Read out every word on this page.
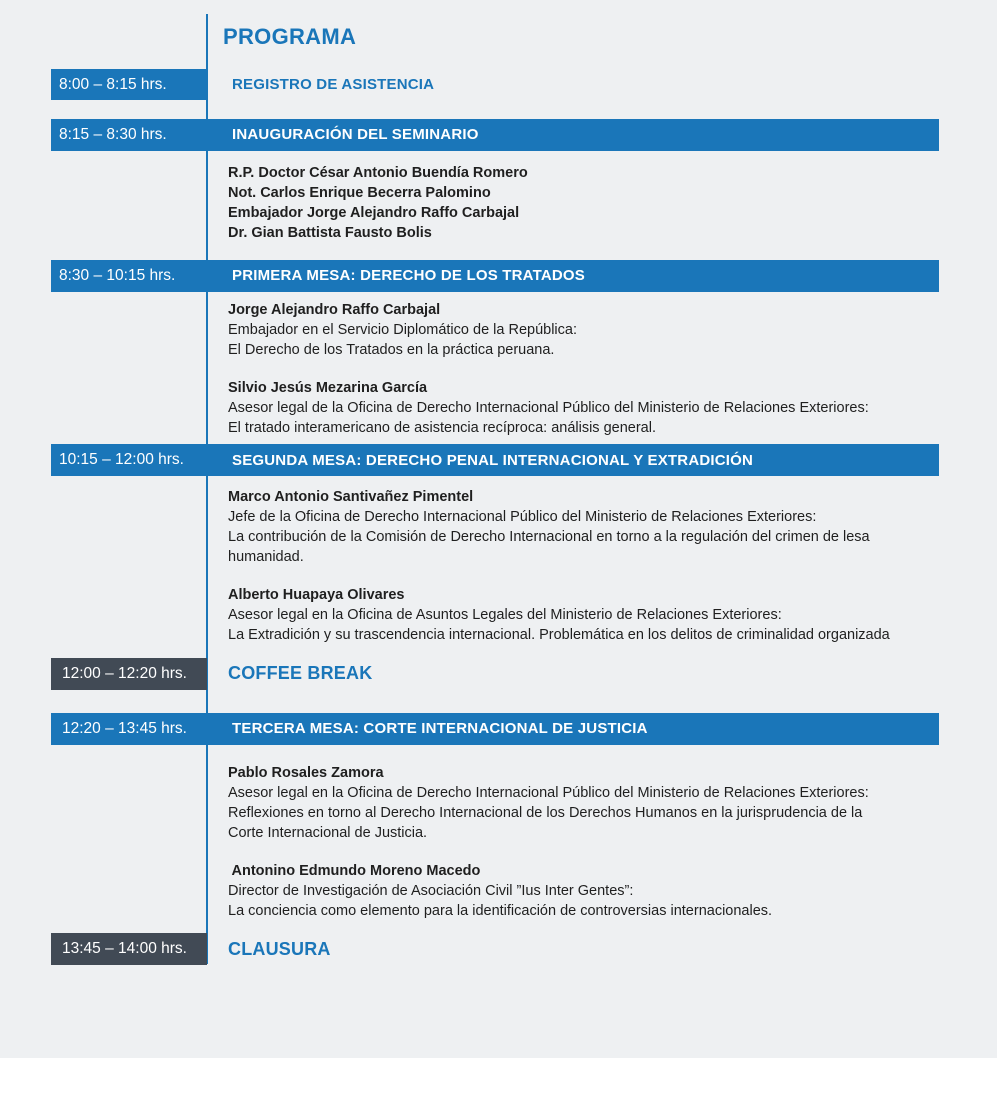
PROGRAMA
8:00 – 8:15 hrs.	REGISTRO DE ASISTENCIA
8:15 – 8:30 hrs.	INAUGURACIÓN DEL SEMINARIO
R.P. Doctor César Antonio Buendía Romero
Not. Carlos Enrique Becerra Palomino
Embajador Jorge Alejandro Raffo Carbajal
Dr. Gian Battista Fausto Bolis
8:30 – 10:15 hrs.	PRIMERA MESA: DERECHO DE LOS TRATADOS
Jorge Alejandro Raffo Carbajal
Embajador en el Servicio Diplomático de la República:
El Derecho de los Tratados en la práctica peruana.
Silvio Jesús Mezarina García
Asesor legal de la Oficina de Derecho Internacional Público del Ministerio de Relaciones Exteriores:
El tratado interamericano de asistencia recíproca: análisis general.
10:15 – 12:00 hrs.	SEGUNDA MESA: DERECHO PENAL INTERNACIONAL Y EXTRADICIÓN
Marco Antonio Santivañez Pimentel
Jefe de la Oficina de Derecho Internacional Público del Ministerio de Relaciones Exteriores:
La contribución de la Comisión de Derecho Internacional en torno a la regulación del crimen de lesa
humanidad.
Alberto Huapaya Olivares
Asesor legal en la Oficina de Asuntos Legales del Ministerio de Relaciones Exteriores:
La Extradición y su trascendencia internacional. Problemática en los delitos de criminalidad organizada
12:00 – 12:20 hrs.	COFFEE BREAK
12:20 – 13:45 hrs.	TERCERA MESA: CORTE INTERNACIONAL DE JUSTICIA
Pablo Rosales Zamora
Asesor legal en la Oficina de Derecho Internacional Público del Ministerio de Relaciones Exteriores:
Reflexiones en torno al Derecho Internacional de los Derechos Humanos en la jurisprudencia de la
Corte Internacional de Justicia.
Antonino Edmundo Moreno Macedo
Director de Investigación de Asociación Civil ”Ius Inter Gentes”:
La conciencia como elemento para la identificación de controversias internacionales.
13:45 – 14:00 hrs.	CLAUSURA
